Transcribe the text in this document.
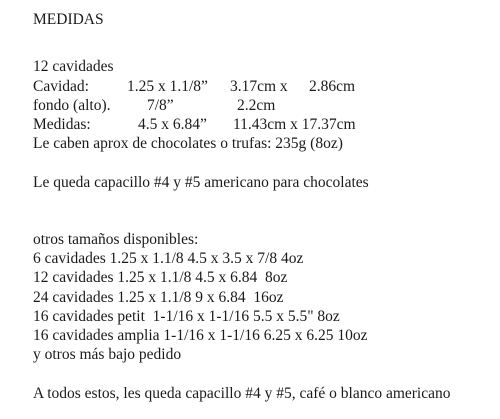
MEDIDAS
12 cavidades

Cavidad:

1.25 x 1.1/8”

3.17cm x

2.86cm

fondo (alto).

7/8”

	2.2cm

Medidas:

	4.5 x 6.84”

11.43cm x 17.37cm

Le caben aprox de chocolates o trufas: 235g (8oz)
Le queda capacillo #4 y #5 americano para chocolates
otros tamaños disponibles:
6 cavidades 1.25 x 1.1/8 4.5 x 3.5 x 7/8 4oz
12 cavidades 1.25 x 1.1/8 4.5 x 6.84  8oz
24 cavidades 1.25 x 1.1/8 9 x 6.84  16oz
16 cavidades petit  1-1/16 x 1-1/16 5.5 x 5.5" 8oz
16 cavidades amplia 1-1/16 x 1-1/16 6.25 x 6.25 10oz
y otros más bajo pedido
A todos estos, les queda capacillo #4 y #5, café o blanco americano
